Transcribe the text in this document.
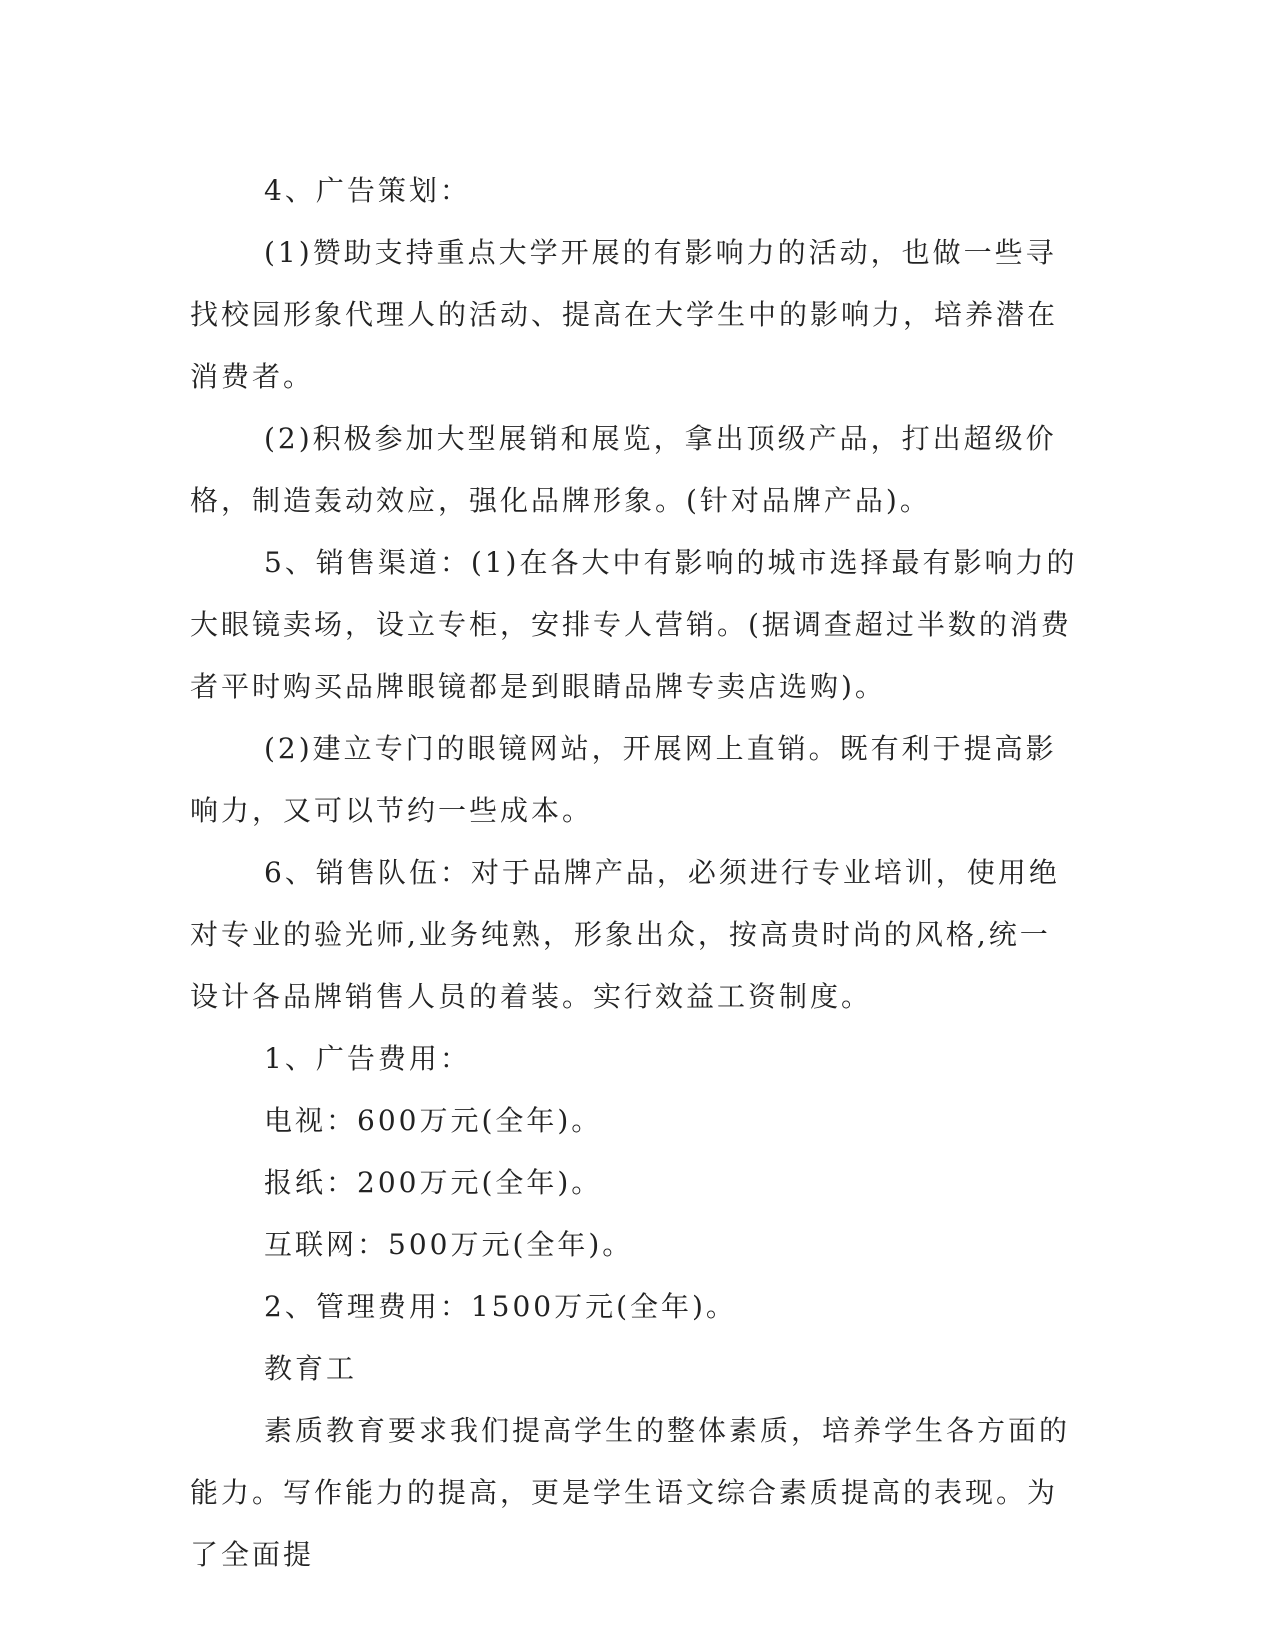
4、广告策划：

(1)赞助支持重点大学开展的有影响力的活动，也做一些寻找校园形象代理人的活动、提高在大学生中的影响力，培养潜在消费者。

(2)积极参加大型展销和展览，拿出顶级产品，打出超级价格，制造轰动效应，强化品牌形象。(针对品牌产品)。

5、销售渠道：(1)在各大中有影响的城市选择最有影响力的大眼镜卖场，设立专柜，安排专人营销。(据调查超过半数的消费者平时购买品牌眼镜都是到眼睛品牌专卖店选购)。

(2)建立专门的眼镜网站，开展网上直销。既有利于提高影响力，又可以节约一些成本。

6、销售队伍：对于品牌产品，必须进行专业培训，使用绝对专业的验光师,业务纯熟，形象出众，按高贵时尚的风格,统一设计各品牌销售人员的着装。实行效益工资制度。

1、广告费用：

电视：600万元(全年)。

报纸：200万元(全年)。

互联网：500万元(全年)。

2、管理费用：1500万元(全年)。

教育工

素质教育要求我们提高学生的整体素质，培养学生各方面的能力。写作能力的提高，更是学生语文综合素质提高的表现。为了全面提
